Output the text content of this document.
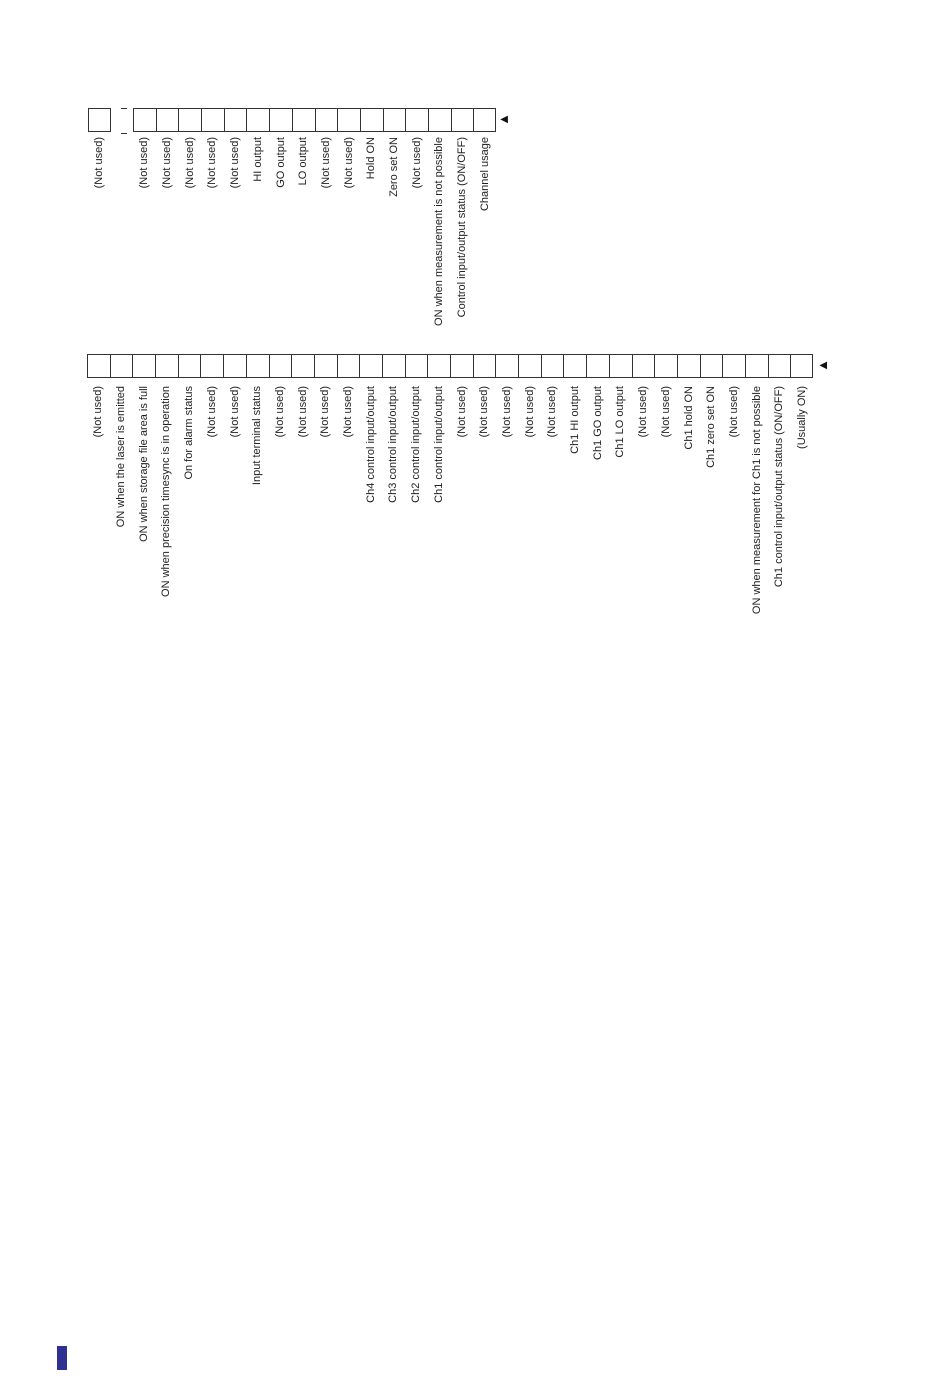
(Not used)	(Not used) (Not used) (Not used) (Not used) (Not used) HI output GO output LO output (Not used) (Not used) Hold ON Zero set ON (Not used) ON when measurement is not possible Control input/output status (ON/OFF) Channel usage
◀
(Not used) ON when the laser is emitted ON when storage file area is full ON when precision timesync is in operation On for alarm status (Not used) (Not used) Input terminal status (Not used) (Not used) (Not used) (Not used) Ch4 control input/output Ch3 control input/output Ch2 control input/output Ch1 control input/output (Not used) (Not used) (Not used) (Not used) (Not used) Ch1 HI output Ch1 GO output Ch1 LO output (Not used) (Not used) Ch1 hold ON Ch1 zero set ON (Not used) ON when measurement for Ch1 is not possible Ch1 control input/output status (ON/OFF) (Usually ON)
◀
